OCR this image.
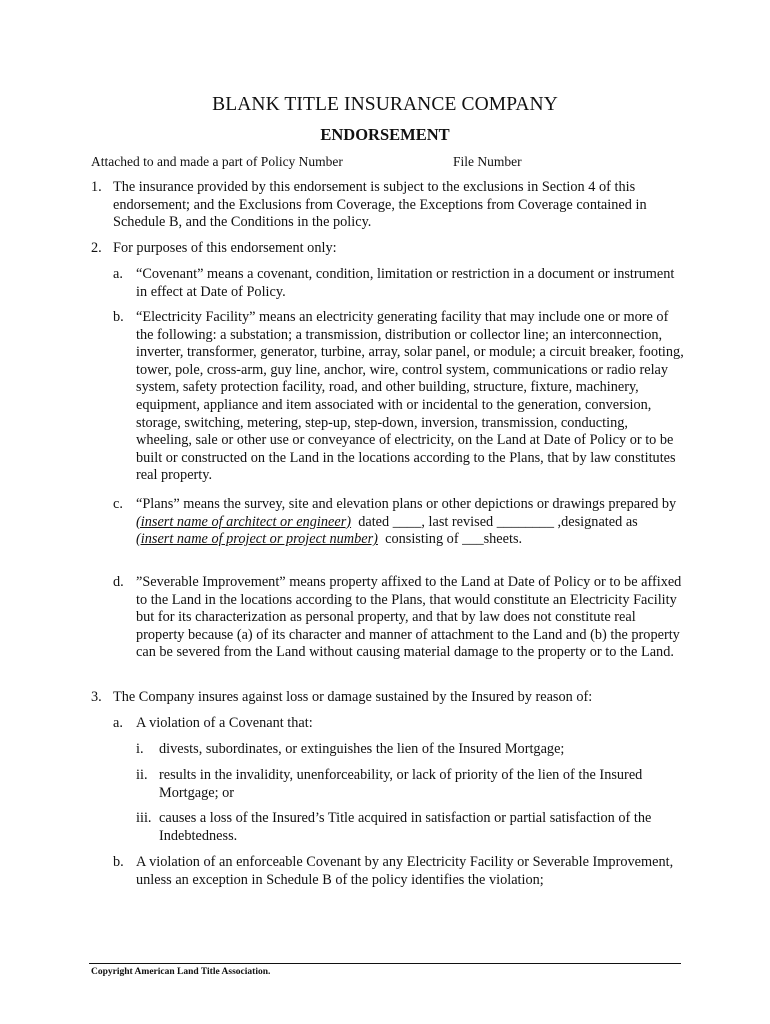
BLANK TITLE INSURANCE COMPANY
ENDORSEMENT
Attached to and made a part of Policy Number	File Number
1. The insurance provided by this endorsement is subject to the exclusions in Section 4 of this endorsement; and the Exclusions from Coverage, the Exceptions from Coverage contained in Schedule B, and the Conditions in the policy.
2. For purposes of this endorsement only:
a. “Covenant” means a covenant, condition, limitation or restriction in a document or instrument in effect at Date of Policy.
b. “Electricity Facility” means an electricity generating facility that may include one or more of the following: a substation; a transmission, distribution or collector line; an interconnection, inverter, transformer, generator, turbine, array, solar panel, or module; a circuit breaker, footing, tower, pole, cross-arm, guy line, anchor, wire, control system, communications or radio relay system, safety protection facility, road, and other building, structure, fixture, machinery, equipment, appliance and item associated with or incidental to the generation, conversion, storage, switching, metering, step-up, step-down, inversion, transmission, conducting, wheeling, sale or other use or conveyance of electricity, on the Land at Date of Policy or to be built or constructed on the Land in the locations according to the Plans, that by law constitutes real property.
c. “Plans” means the survey, site and elevation plans or other depictions or drawings prepared by
(insert name of architect or engineer) dated ____, last revised ________ ,designated as
(insert name of project or project number) consisting of ___sheets.
d. ”Severable Improvement” means property affixed to the Land at Date of Policy or to be affixed to the Land in the locations according to the Plans, that would constitute an Electricity Facility but for its characterization as personal property, and that by law does not constitute real property because (a) of its character and manner of attachment to the Land and (b) the property can be severed from the Land without causing material damage to the property or to the Land.
3. The Company insures against loss or damage sustained by the Insured by reason of:
a. A violation of a Covenant that:
i. divests, subordinates, or extinguishes the lien of the Insured Mortgage;
ii. results in the invalidity, unenforceability, or lack of priority of the lien of the Insured Mortgage; or
iii. causes a loss of the Insured’s Title acquired in satisfaction or partial satisfaction of the Indebtedness.
b. A violation of an enforceable Covenant by any Electricity Facility or Severable Improvement, unless an exception in Schedule B of the policy identifies the violation;
Copyright American Land Title Association.
